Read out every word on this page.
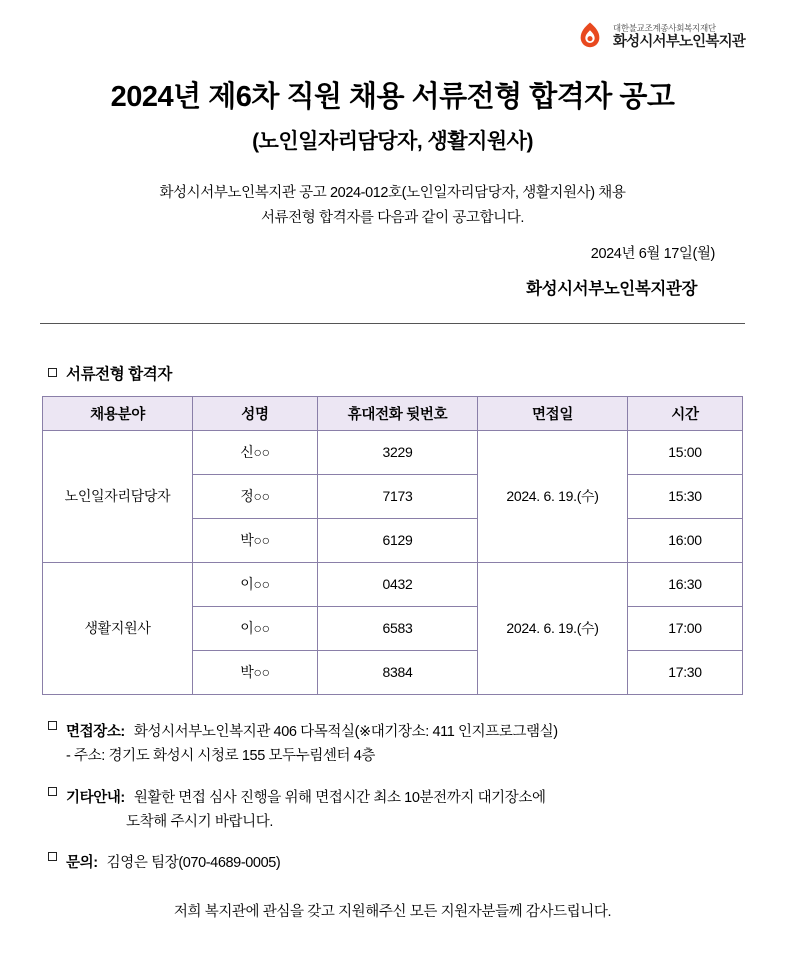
대한불교조계종사회복지재단
화성시서부노인복지관
2024년 제6차 직원 채용 서류전형 합격자 공고
(노인일자리담당자, 생활지원사)
화성시서부노인복지관 공고 2024-012호(노인일자리담당자, 생활지원사) 채용
서류전형 합격자를 다음과 같이 공고합니다.
2024년 6월 17일(월)
화성시서부노인복지관장
서류전형 합격자
채용분야	성명	휴대전화 뒷번호	면접일	시간
노인일자리담당자	신○○	3229	2024. 6. 19.(수)	15:00
	정○○	7173		15:30
	박○○	6129		16:00
생활지원사	이○○	0432	2024. 6. 19.(수)	16:30
	이○○	6583		17:00
	박○○	8384		17:30
면접장소: 화성시서부노인복지관 406 다목적실(※대기장소: 411 인지프로그램실)
- 주소: 경기도 화성시 시청로 155 모두누림센터 4층
기타안내: 원활한 면접 심사 진행을 위해 면접시간 최소 10분전까지 대기장소에
도착해 주시기 바랍니다.
문의: 김영은 팀장(070-4689-0005)
저희 복지관에 관심을 갖고 지원해주신 모든 지원자분들께 감사드립니다.
